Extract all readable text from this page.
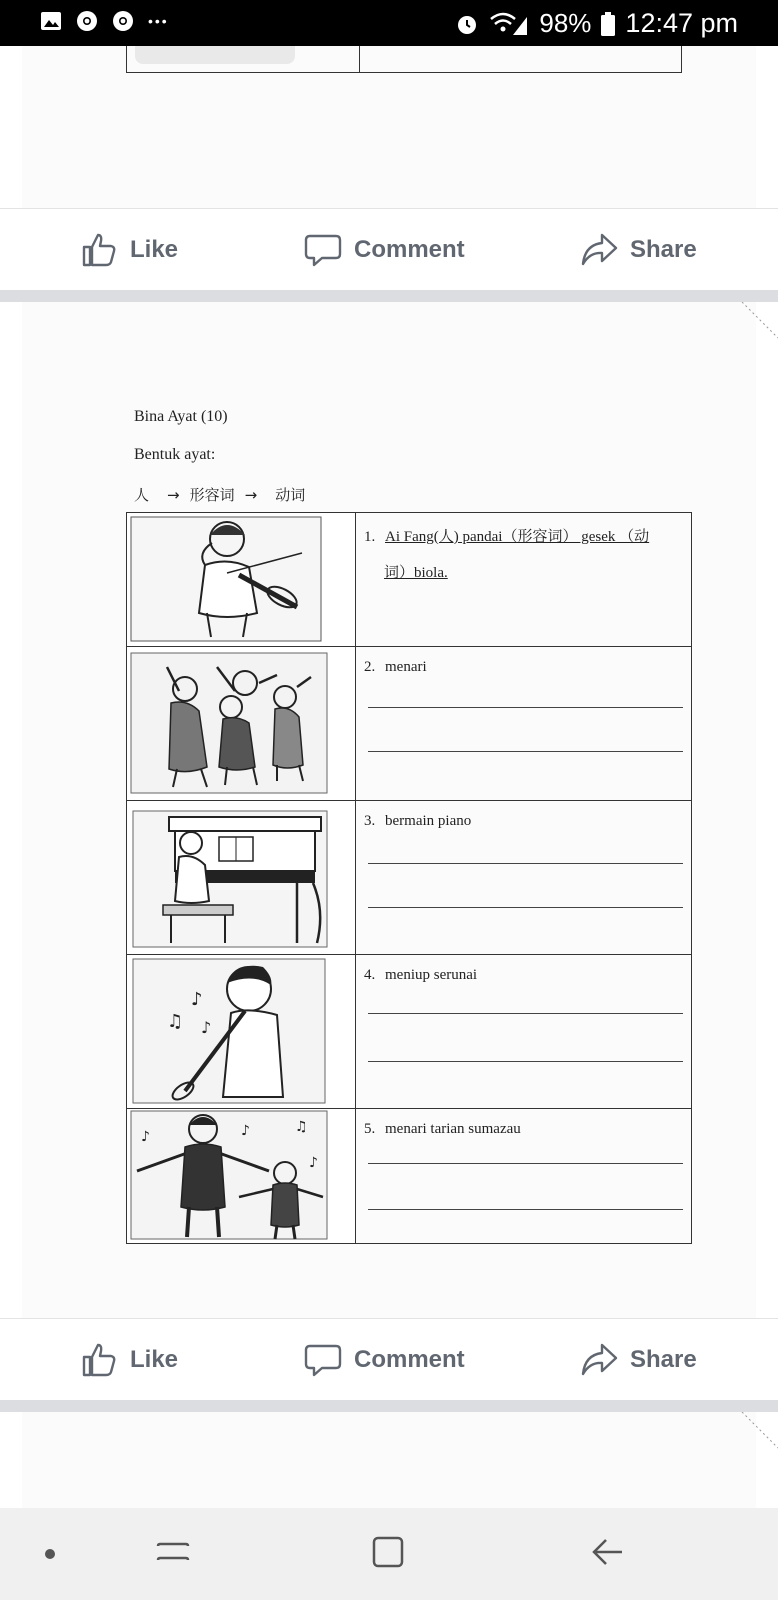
•••	98% 12:47 pm
Like	Comment	Share
Like	Comment	Share
Bina Ayat (10)
Bentuk ayat:
人 → 形容词 → 动词
1. Ai Fang(人) pandai（形容词） gesek （动
词）biola.
2. menari
3. bermain piano
♪
♫ ♪
4. meniup serunai
♪	♪	♫
♪
5. menari tarian sumazau
